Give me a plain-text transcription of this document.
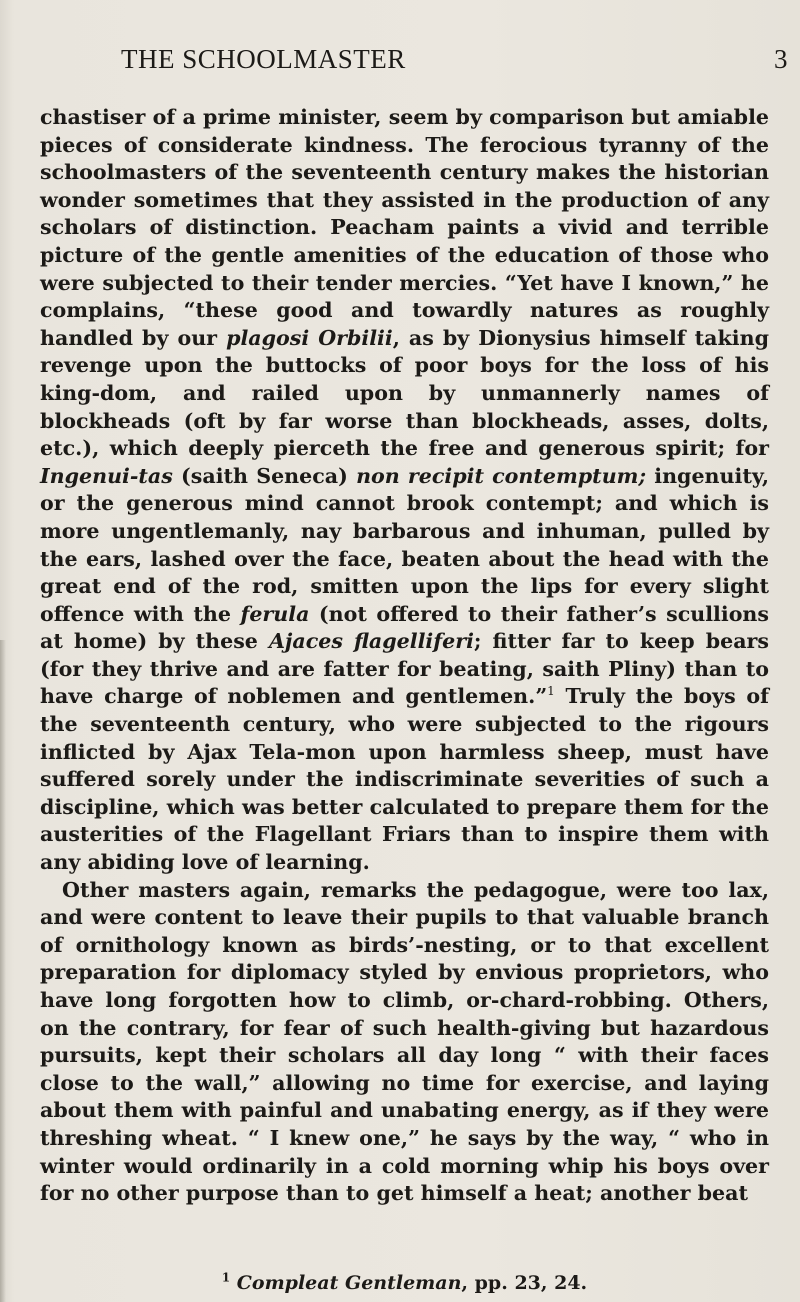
THE SCHOOLMASTER	3

chastiser of a prime minister, seem by comparison but amiable pieces of considerate kindness. The ferocious tyranny of the schoolmasters of the seventeenth century makes the historian wonder sometimes that they assisted in the production of any scholars of distinction. Peacham paints a vivid and terrible picture of the gentle amenities of the education of those who were subjected to their tender mercies. “Yet have I known,” he complains, “these good and towardly natures as roughly handled by our plagosi Orbilii, as by Dionysius himself taking revenge upon the buttocks of poor boys for the loss of his king-dom, and railed upon by unmannerly names of blockheads (oft by far worse than blockheads, asses, dolts, etc.), which deeply pierceth the free and generous spirit; for Ingenui-tas (saith Seneca) non recipit contemptum; ingenuity, or the generous mind cannot brook contempt; and which is more ungentlemanly, nay barbarous and inhuman, pulled by the ears, lashed over the face, beaten about the head with the great end of the rod, smitten upon the lips for every slight offence with the ferula (not offered to their father’s scullions at home) by these Ajaces flagelliferi; fitter far to keep bears (for they thrive and are fatter for beating, saith Pliny) than to have charge of noblemen and gentlemen.”$^1$ Truly the boys of the seventeenth century, who were subjected to the rigours inflicted by Ajax Tela-mon upon harmless sheep, must have suffered sorely under the indiscriminate severities of such a discipline, which was better calculated to prepare them for the austerities of the Flagellant Friars than to inspire them with any abiding love of learning.

Other masters again, remarks the pedagogue, were too lax, and were content to leave their pupils to that valuable branch of ornithology known as birds’-nesting, or to that excellent preparation for diplomacy styled by envious proprietors, who have long forgotten how to climb, or-chard-robbing. Others, on the contrary, for fear of such health-giving but hazardous pursuits, kept their scholars all day long “ with their faces close to the wall,” allowing no time for exercise, and laying about them with painful and unabating energy, as if they were threshing wheat. “ I knew one,” he says by the way, “ who in winter would ordinarily in a cold morning whip his boys over for no other purpose than to get himself a heat; another beat

$^1$ Compleat Gentleman, pp. 23, 24.
